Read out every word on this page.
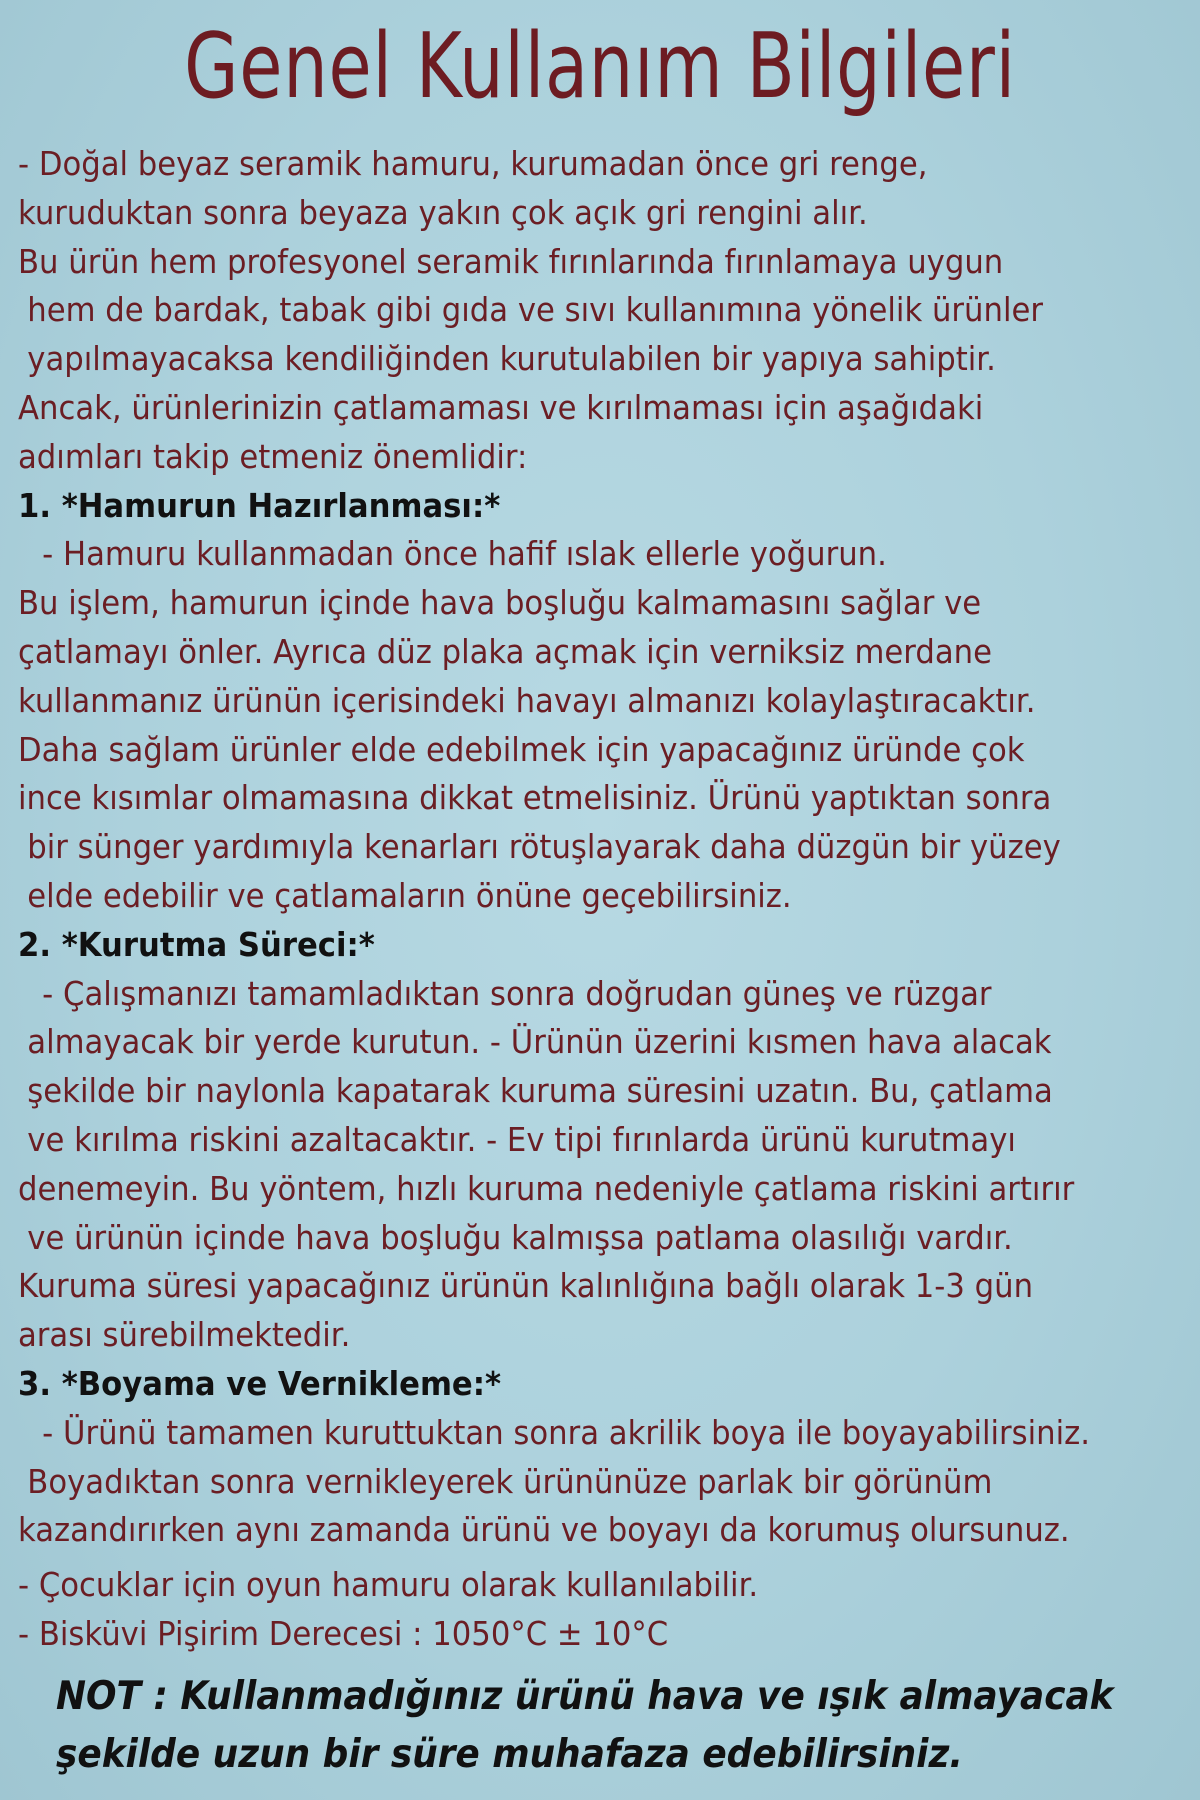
Genel Kullanım Bilgileri
- Doğal beyaz seramik hamuru, kurumadan önce gri renge,
kuruduktan sonra beyaza yakın çok açık gri rengini alır.
Bu ürün hem profesyonel seramik fırınlarında fırınlamaya uygun
hem de bardak, tabak gibi gıda ve sıvı kullanımına yönelik ürünler
yapılmayacaksa kendiliğinden kurutulabilen bir yapıya sahiptir.
Ancak, ürünlerinizin çatlamaması ve kırılmaması için aşağıdaki
adımları takip etmeniz önemlidir:
1. *Hamurun Hazırlanması:*
- Hamuru kullanmadan önce hafif ıslak ellerle yoğurun.
Bu işlem, hamurun içinde hava boşluğu kalmamasını sağlar ve
çatlamayı önler. Ayrıca düz plaka açmak için verniksiz merdane
kullanmanız ürünün içerisindeki havayı almanızı kolaylaştıracaktır.
Daha sağlam ürünler elde edebilmek için yapacağınız üründe çok
ince kısımlar olmamasına dikkat etmelisiniz. Ürünü yaptıktan sonra
bir sünger yardımıyla kenarları rötuşlayarak daha düzgün bir yüzey
elde edebilir ve çatlamaların önüne geçebilirsiniz.
2. *Kurutma Süreci:*
- Çalışmanızı tamamladıktan sonra doğrudan güneş ve rüzgar
almayacak bir yerde kurutun. - Ürünün üzerini kısmen hava alacak
şekilde bir naylonla kapatarak kuruma süresini uzatın. Bu, çatlama
ve kırılma riskini azaltacaktır. - Ev tipi fırınlarda ürünü kurutmayı
denemeyin. Bu yöntem, hızlı kuruma nedeniyle çatlama riskini artırır
ve ürünün içinde hava boşluğu kalmışsa patlama olasılığı vardır.
Kuruma süresi yapacağınız ürünün kalınlığına bağlı olarak 1-3 gün
arası sürebilmektedir.
3. *Boyama ve Vernikleme:*
- Ürünü tamamen kuruttuktan sonra akrilik boya ile boyayabilirsiniz.
Boyadıktan sonra vernikleyerek ürününüze parlak bir görünüm
kazandırırken aynı zamanda ürünü ve boyayı da korumuş olursunuz.
- Çocuklar için oyun hamuru olarak kullanılabilir.
- Bisküvi Pişirim Derecesi : 1050°C ± 10°C
NOT : Kullanmadığınız ürünü hava ve ışık almayacak
şekilde uzun bir süre muhafaza edebilirsiniz.
